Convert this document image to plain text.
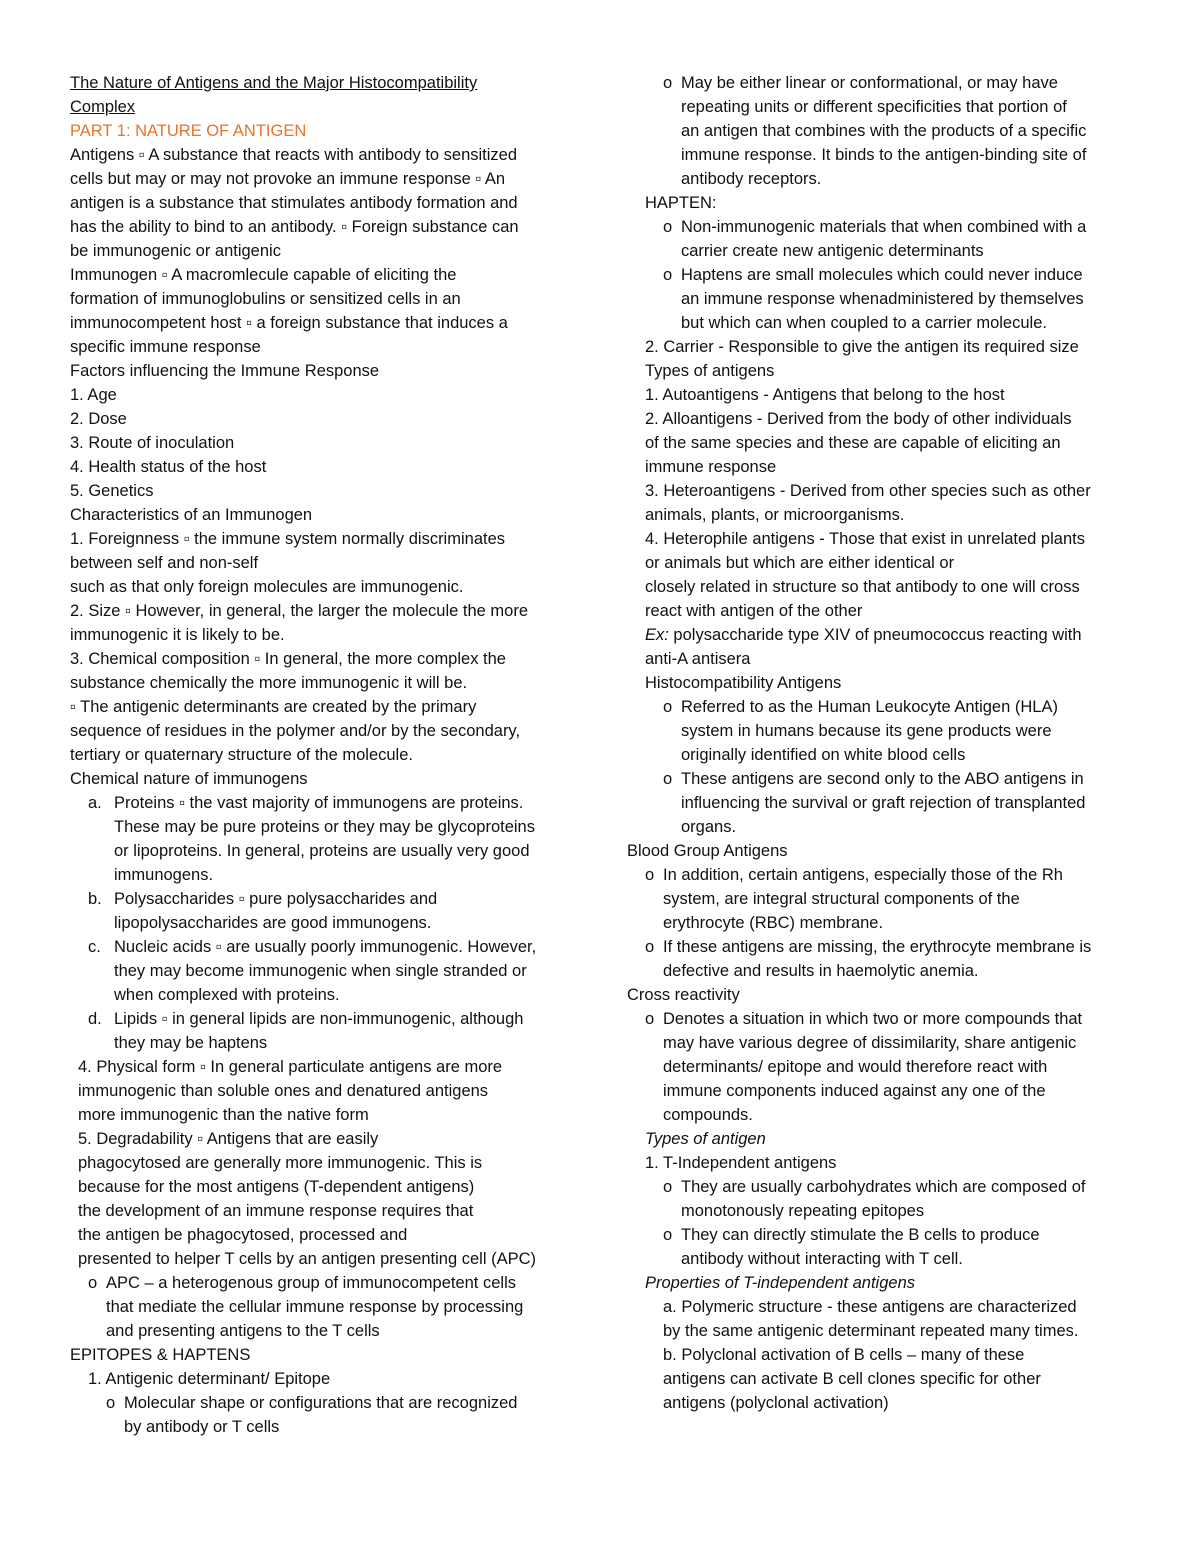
The Nature of Antigens and the Major Histocompatibility
Complex
PART 1: NATURE OF ANTIGEN
Antigens ▫ A substance that reacts with antibody to sensitized
cells but may or may not provoke an immune response ▫ An
antigen is a substance that stimulates antibody formation and
has the ability to bind to an antibody. ▫ Foreign substance can
be immunogenic or antigenic
Immunogen ▫ A macromlecule capable of eliciting the
formation of immunoglobulins or sensitized cells in an
immunocompetent host ▫ a foreign substance that induces a
specific immune response
Factors influencing the Immune Response
1. Age
2. Dose
3. Route of inoculation
4. Health status of the host
5. Genetics
Characteristics of an Immunogen
1. Foreignness ▫ the immune system normally discriminates
between self and non-self
such as that only foreign molecules are immunogenic.
2. Size ▫ However, in general, the larger the molecule the more
immunogenic it is likely to be.
3. Chemical composition ▫ In general, the more complex the
substance chemically the more immunogenic it will be.
▫ The antigenic determinants are created by the primary
sequence of residues in the polymer and/or by the secondary,
tertiary or quaternary structure of the molecule.
Chemical nature of immunogens
a. Proteins ▫ the vast majority of immunogens are proteins.
These may be pure proteins or they may be glycoproteins
or lipoproteins. In general, proteins are usually very good
immunogens.
b. Polysaccharides ▫ pure polysaccharides and
lipopolysaccharides are good immunogens.
c. Nucleic acids ▫ are usually poorly immunogenic. However,
they may become immunogenic when single stranded or
when complexed with proteins.
d. Lipids ▫ in general lipids are non-immunogenic, although
they may be haptens
4. Physical form ▫ In general particulate antigens are more
immunogenic than soluble ones and denatured antigens
more immunogenic than the native form
5. Degradability ▫ Antigens that are easily
phagocytosed are generally more immunogenic. This is
because for the most antigens (T-dependent antigens)
the development of an immune response requires that
the antigen be phagocytosed, processed and
presented to helper T cells by an antigen presenting cell (APC)
o APC – a heterogenous group of immunocompetent cells
that mediate the cellular immune response by processing
and presenting antigens to the T cells
EPITOPES & HAPTENS
1. Antigenic determinant/ Epitope
o Molecular shape or configurations that are recognized
by antibody or T cells
o May be either linear or conformational, or may have
repeating units or different specificities that portion of
an antigen that combines with the products of a specific
immune response. It binds to the antigen-binding site of
antibody receptors.
HAPTEN:
o Non-immunogenic materials that when combined with a
carrier create new antigenic determinants
o Haptens are small molecules which could never induce
an immune response whenadministered by themselves
but which can when coupled to a carrier molecule.
2. Carrier - Responsible to give the antigen its required size
Types of antigens
1. Autoantigens - Antigens that belong to the host
2. Alloantigens - Derived from the body of other individuals
of the same species and these are capable of eliciting an
immune response
3. Heteroantigens - Derived from other species such as other
animals, plants, or microorganisms.
4. Heterophile antigens - Those that exist in unrelated plants
or animals but which are either identical or
closely related in structure so that antibody to one will cross
react with antigen of the other
Ex: polysaccharide type XIV of pneumococcus reacting with
anti-A antisera
Histocompatibility Antigens
o Referred to as the Human Leukocyte Antigen (HLA)
system in humans because its gene products were
originally identified on white blood cells
o These antigens are second only to the ABO antigens in
influencing the survival or graft rejection of transplanted
organs.
Blood Group Antigens
o In addition, certain antigens, especially those of the Rh
system, are integral structural components of the
erythrocyte (RBC) membrane.
o If these antigens are missing, the erythrocyte membrane is
defective and results in haemolytic anemia.
Cross reactivity
o Denotes a situation in which two or more compounds that
may have various degree of dissimilarity, share antigenic
determinants/ epitope and would therefore react with
immune components induced against any one of the
compounds.
Types of antigen
1. T-Independent antigens
o They are usually carbohydrates which are composed of
monotonously repeating epitopes
o They can directly stimulate the B cells to produce
antibody without interacting with T cell.
Properties of T-independent antigens
a. Polymeric structure - these antigens are characterized
by the same antigenic determinant repeated many times.
b. Polyclonal activation of B cells – many of these
antigens can activate B cell clones specific for other
antigens (polyclonal activation)
